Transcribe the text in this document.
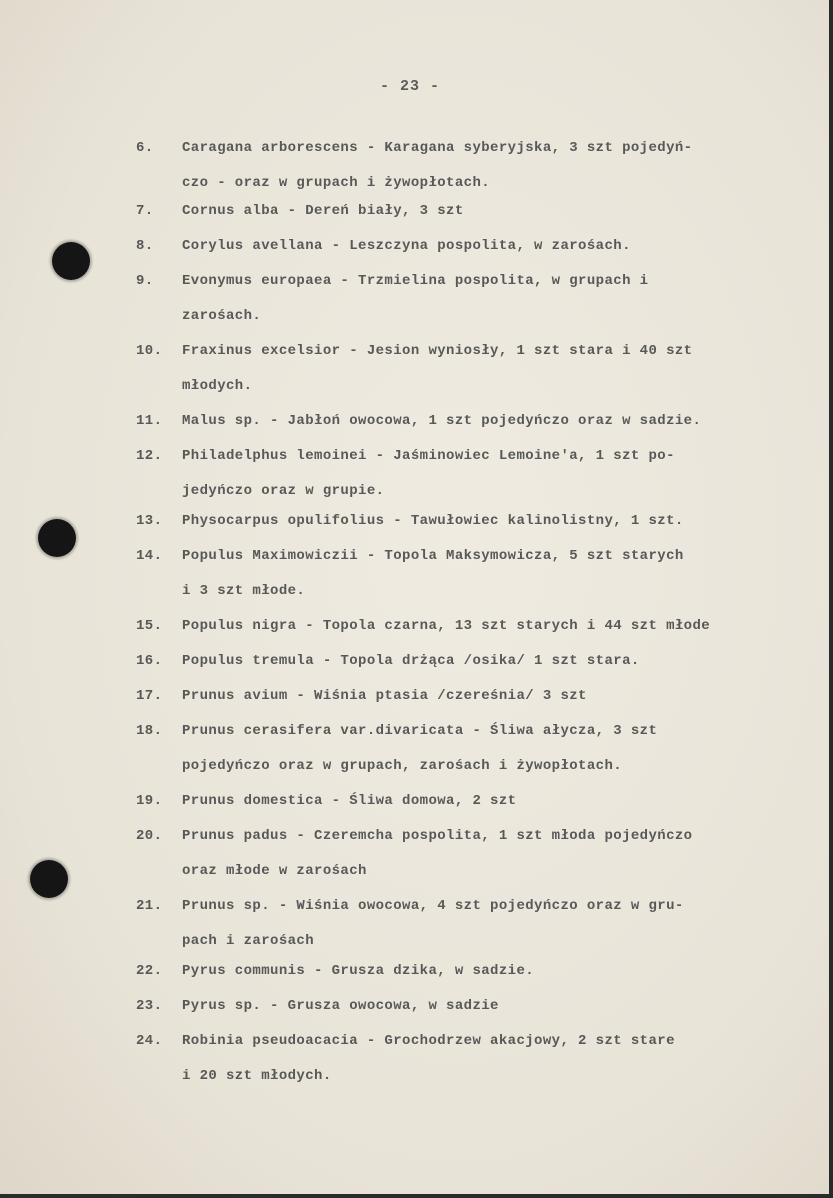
- 23 -
6. Caragana arborescens - Karagana syberyjska, 3 szt pojedyń-
czo - oraz w grupach i żywopłotach.
7. Cornus alba - Dereń biały, 3 szt
8. Corylus avellana - Leszczyna pospolita, w zarośach.
9. Evonymus europaea - Trzmielina pospolita, w grupach i
zarośach.
10. Fraxinus excelsior - Jesion wyniosły, 1 szt stara i 40 szt
młodych.
11. Malus sp. - Jabłoń owocowa, 1 szt pojedyńczo oraz w sadzie.
12. Philadelphus lemoinei - Jaśminowiec Lemoine'a, 1 szt po-
jedyńczo oraz w grupie.
13. Physocarpus opulifolius - Tawułowiec kalinolistny, 1 szt.
14. Populus Maximowiczii - Topola Maksymowicza, 5 szt starych
i 3 szt młode.
15. Populus nigra - Topola czarna, 13 szt starych i 44 szt młode
16. Populus tremula - Topola drżąca /osika/ 1 szt stara.
17. Prunus avium - Wiśnia ptasia /czereśnia/ 3 szt
18. Prunus cerasifera var.divaricata - Śliwa ałycza, 3 szt
pojedyńczo oraz w grupach, zarośach i żywopłotach.
19. Prunus domestica - Śliwa domowa, 2 szt
20. Prunus padus - Czeremcha pospolita, 1 szt młoda pojedyńczo
oraz młode w zarośach
21. Prunus sp. - Wiśnia owocowa, 4 szt pojedyńczo oraz w gru-
pach i zarośach
22. Pyrus communis - Grusza dzika, w sadzie.
23. Pyrus sp. - Grusza owocowa, w sadzie
24. Robinia pseudoacacia - Grochodrzew akacjowy, 2 szt stare
i 20 szt młodych.
